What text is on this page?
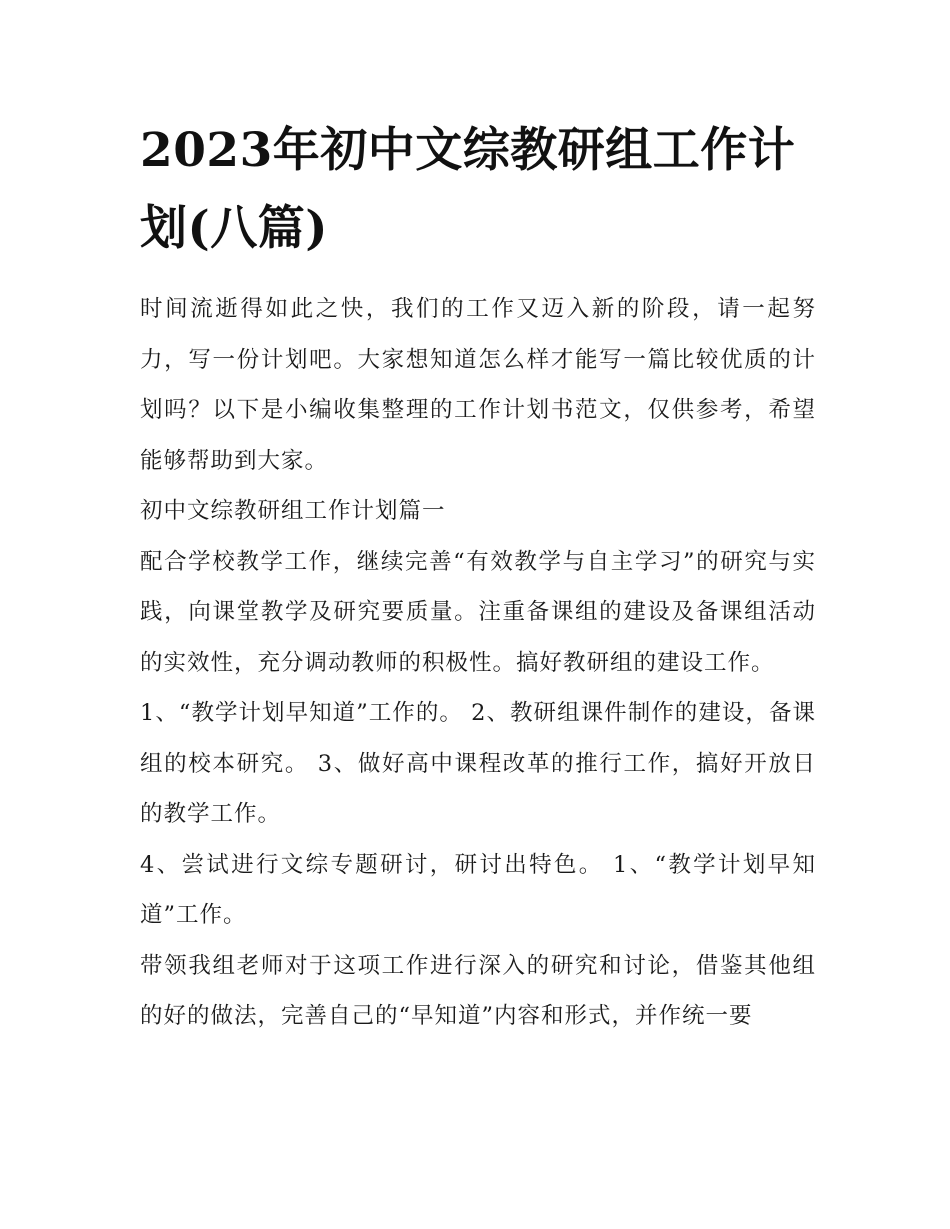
2023年初中文综教研组工作计划(八篇)

时间流逝得如此之快，我们的工作又迈入新的阶段，请一起努力，写一份计划吧。大家想知道怎么样才能写一篇比较优质的计划吗？以下是小编收集整理的工作计划书范文，仅供参考，希望能够帮助到大家。

初中文综教研组工作计划篇一

配合学校教学工作，继续完善“有效教学与自主学习”的研究与实践，向课堂教学及研究要质量。注重备课组的建设及备课组活动的实效性，充分调动教师的积极性。搞好教研组的建设工作。

1、“教学计划早知道”工作的。 2、教研组课件制作的建设，备课组的校本研究。 3、做好高中课程改革的推行工作，搞好开放日的教学工作。

4、尝试进行文综专题研讨，研讨出特色。 1、“教学计划早知道”工作。

带领我组老师对于这项工作进行深入的研究和讨论，借鉴其他组的好的做法，完善自己的“早知道”内容和形式，并作统一要
